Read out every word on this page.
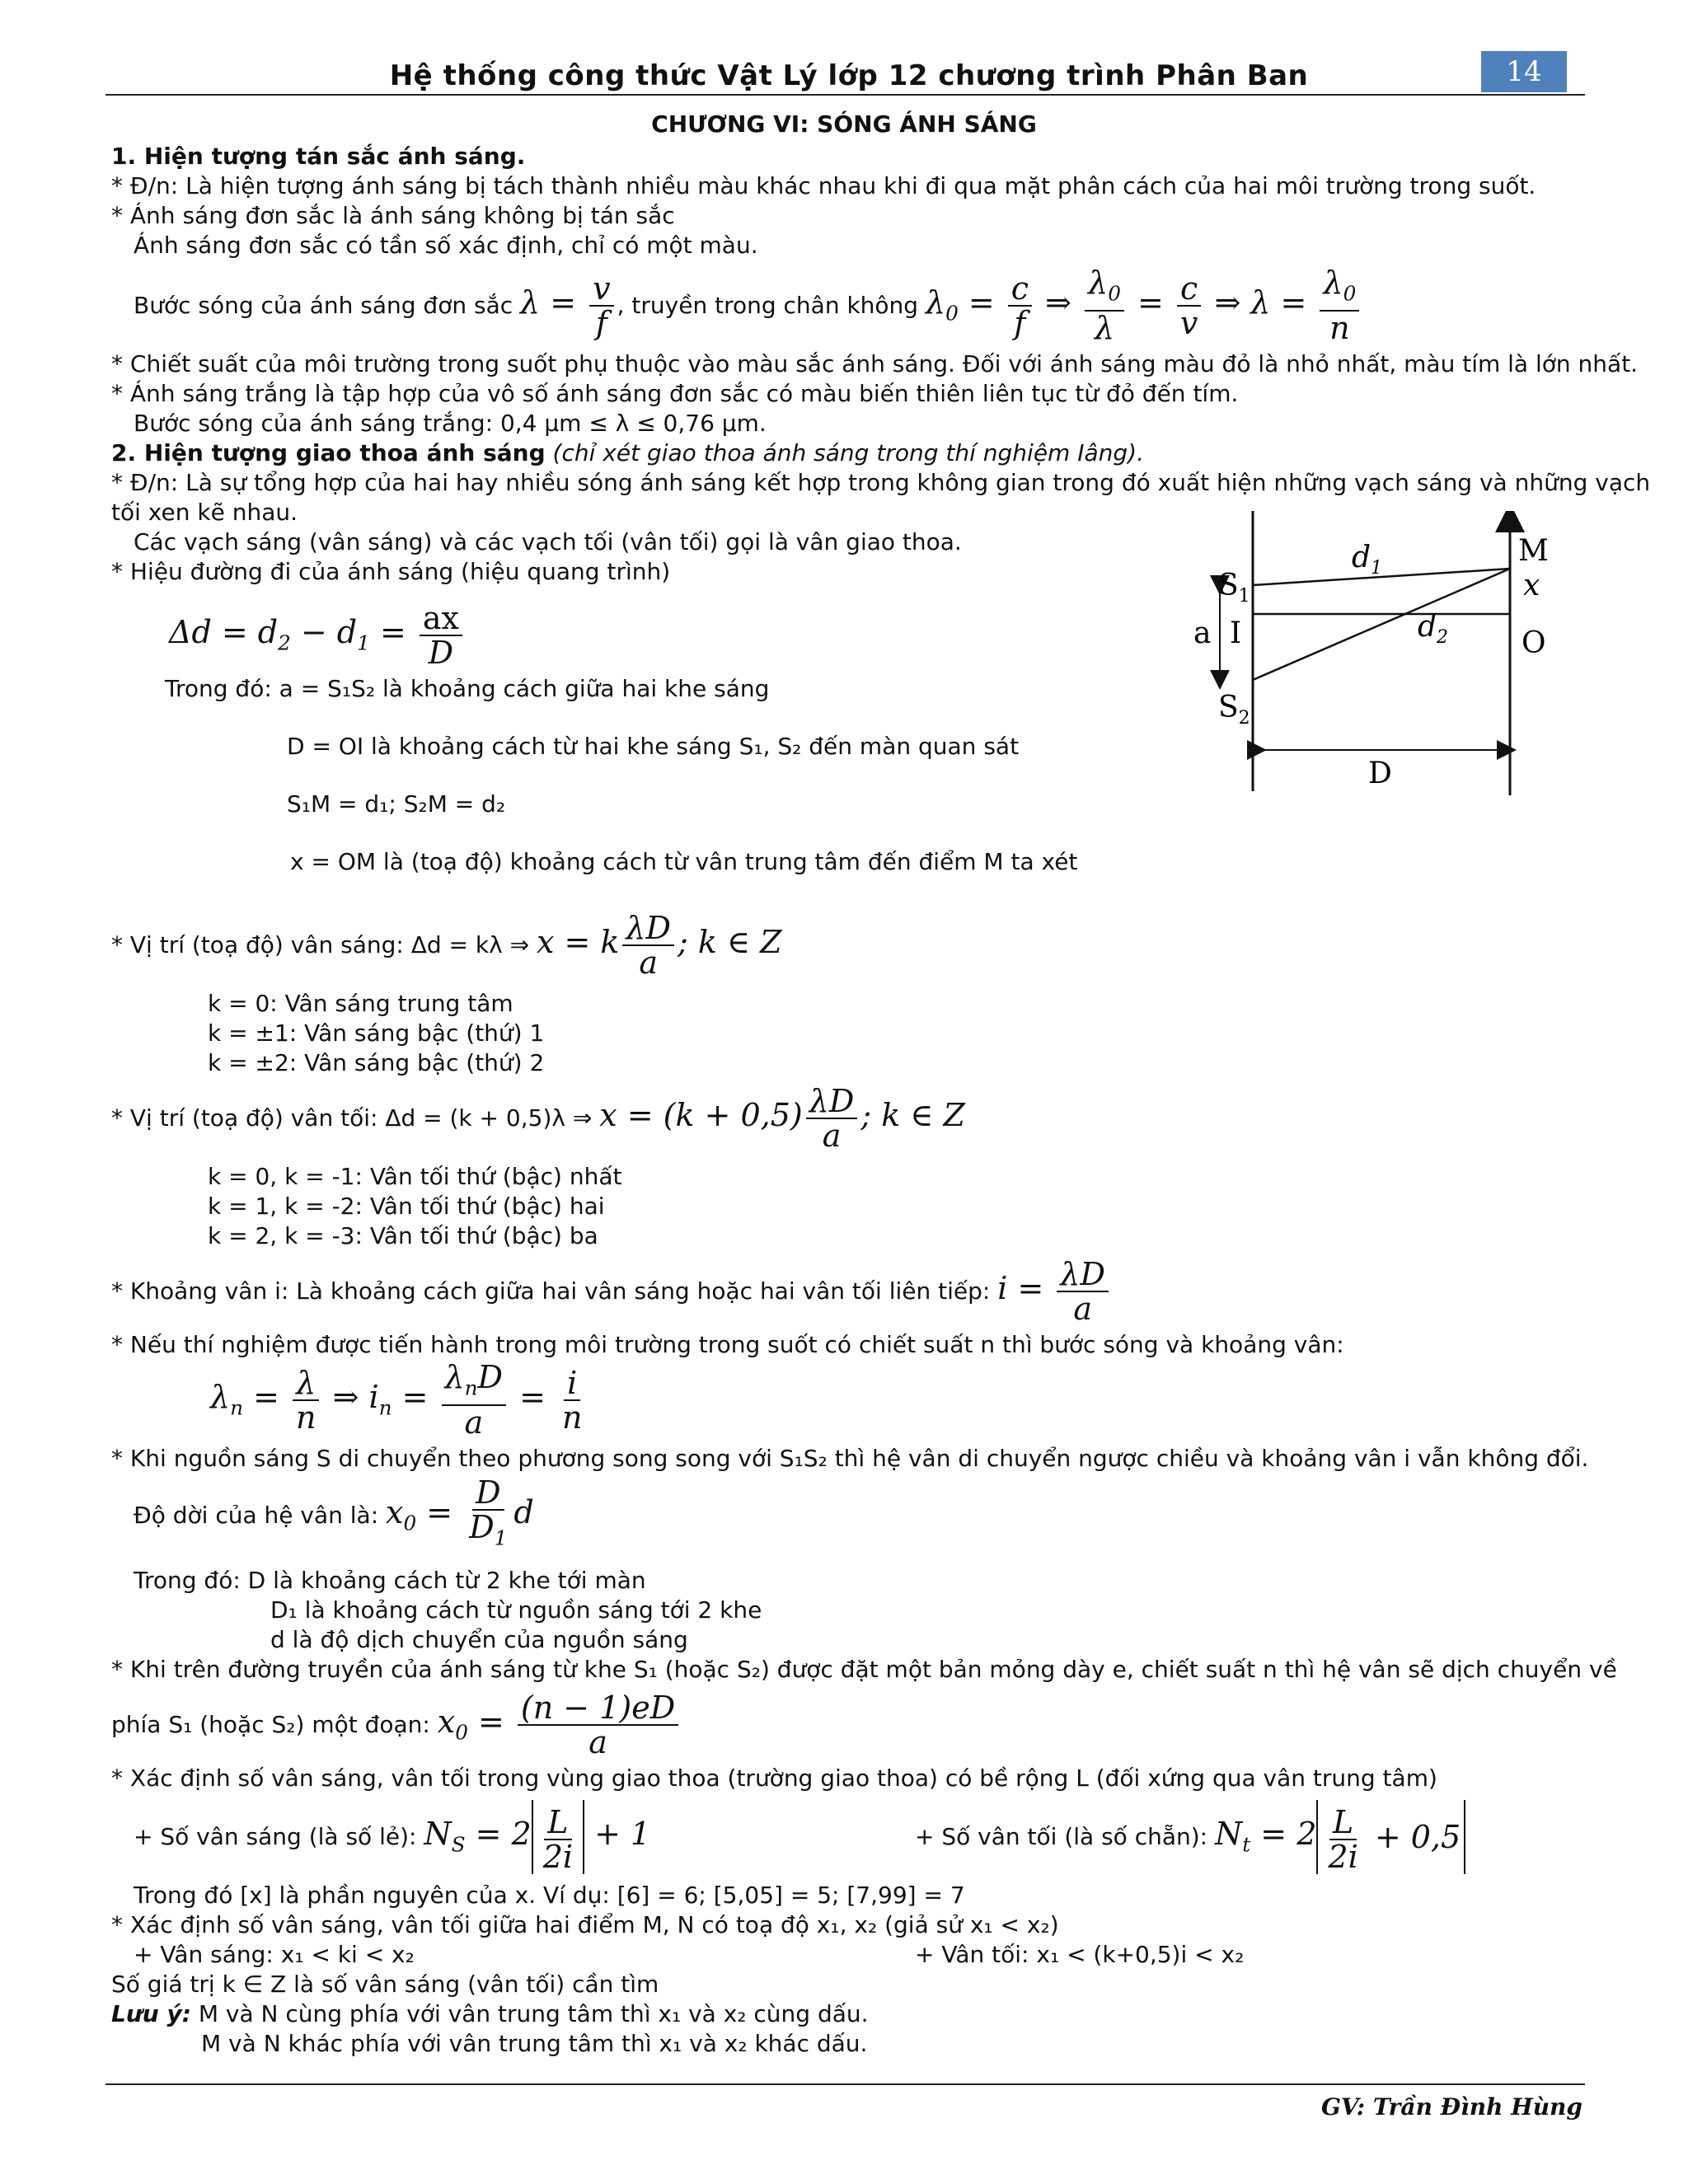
Hệ thống công thức Vật Lý lớp 12 chương trình Phân Ban	14
CHƯƠNG VI: SÓNG ÁNH SÁNG
1. Hiện tượng tán sắc ánh sáng.
* Đ/n: Là hiện tượng ánh sáng bị tách thành nhiều màu khác nhau khi đi qua mặt phân cách của hai môi trường trong suốt.
* Ánh sáng đơn sắc là ánh sáng không bị tán sắc
Ánh sáng đơn sắc có tần số xác định, chỉ có một màu.
Bước sóng của ánh sáng đơn sắc $\lambda = \frac{v}{f}$ , truyền trong chân không $\lambda_0 = \frac{c}{f}$ ⇒ $\frac{\lambda_0}{\lambda} = \frac{c}{v}$ ⇒ $\lambda = \frac{\lambda_0}{n}$
* Chiết suất của môi trường trong suốt phụ thuộc vào màu sắc ánh sáng. Đối với ánh sáng màu đỏ là nhỏ nhất, màu tím là lớn nhất.
* Ánh sáng trắng là tập hợp của vô số ánh sáng đơn sắc có màu biến thiên liên tục từ đỏ đến tím.
Bước sóng của ánh sáng trắng: 0,4 μm ≤ λ ≤ 0,76 μm.
2. Hiện tượng giao thoa ánh sáng (chỉ xét giao thoa ánh sáng trong thí nghiệm Iâng).
* Đ/n: Là sự tổng hợp của hai hay nhiều sóng ánh sáng kết hợp trong không gian trong đó xuất hiện những vạch sáng và những vạch
tối xen kẽ nhau.
Các vạch sáng (vân sáng) và các vạch tối (vân tối) gọi là vân giao thoa.
* Hiệu đường đi của ánh sáng (hiệu quang trình)
$\Delta d = d_2 - d_1 = \frac{ax}{D}$
Trong đó: a = S₁S₂ là khoảng cách giữa hai khe sáng
D = OI là khoảng cách từ hai khe sáng S₁, S₂ đến màn quan sát
S₁M = d₁; S₂M = d₂
x = OM là (toạ độ) khoảng cách từ vân trung tâm đến điểm M ta xét
$S_1$
$S_2$
I
a
M
x
O
D
$d_1$
$d_2$
* Vị trí (toạ độ) vân sáng: Δd = kλ ⇒ x = k $\frac{\lambda D}{a}$ ; k ∈ Z
k = 0: Vân sáng trung tâm
k = ±1: Vân sáng bậc (thứ) 1
k = ±2: Vân sáng bậc (thứ) 2
* Vị trí (toạ độ) vân tối: Δd = (k + 0,5)λ ⇒ $x = (k + 0,5) \frac{\lambda D}{a}$ ; k ∈ Z
k = 0, k = -1: Vân tối thứ (bậc) nhất
k = 1, k = -2: Vân tối thứ (bậc) hai
k = 2, k = -3: Vân tối thứ (bậc) ba
* Khoảng vân i: Là khoảng cách giữa hai vân sáng hoặc hai vân tối liên tiếp: $i = \frac{\lambda D}{a}$
* Nếu thí nghiệm được tiến hành trong môi trường trong suốt có chiết suất n thì bước sóng và khoảng vân:
$\lambda_n = \frac{\lambda}{n}$ ⇒ $i_n = \frac{\lambda_nD}{a} = \frac{i}{n}$
* Khi nguồn sáng S di chuyển theo phương song song với S₁S₂ thì hệ vân di chuyển ngược chiều và khoảng vân i vẫn không đổi.
Độ dời của hệ vân là: $x_0 = \frac{D}{D_1}$ d
Trong đó: D là khoảng cách từ 2 khe tới màn
D₁ là khoảng cách từ nguồn sáng tới 2 khe
d là độ dịch chuyển của nguồn sáng
* Khi trên đường truyền của ánh sáng từ khe S₁ (hoặc S₂) được đặt một bản mỏng dày e, chiết suất n thì hệ vân sẽ dịch chuyển về
phía S₁ (hoặc S₂) một đoạn: $x_0 = \frac{(n - 1)eD}{a}$
* Xác định số vân sáng, vân tối trong vùng giao thoa (trường giao thoa) có bề rộng L (đối xứng qua vân trung tâm)
+ Số vân sáng (là số lẻ): $N_S = 2 \frac{L}{2i} + 1$	+ Số vân tối (là số chẵn): $N_t = 2 \frac{L}{2i} + 0,5$
Trong đó [x] là phần nguyên của x. Ví dụ: [6] = 6; [5,05] = 5; [7,99] = 7
* Xác định số vân sáng, vân tối giữa hai điểm M, N có toạ độ x₁, x₂ (giả sử x₁ < x₂)
+ Vân sáng: x₁ < ki < x₂	+ Vân tối: x₁ < (k+0,5)i < x₂
Số giá trị k ∈ Z là số vân sáng (vân tối) cần tìm
Lưu ý: M và N cùng phía với vân trung tâm thì x₁ và x₂ cùng dấu.
M và N khác phía với vân trung tâm thì x₁ và x₂ khác dấu.
GV: Trần Đình Hùng
